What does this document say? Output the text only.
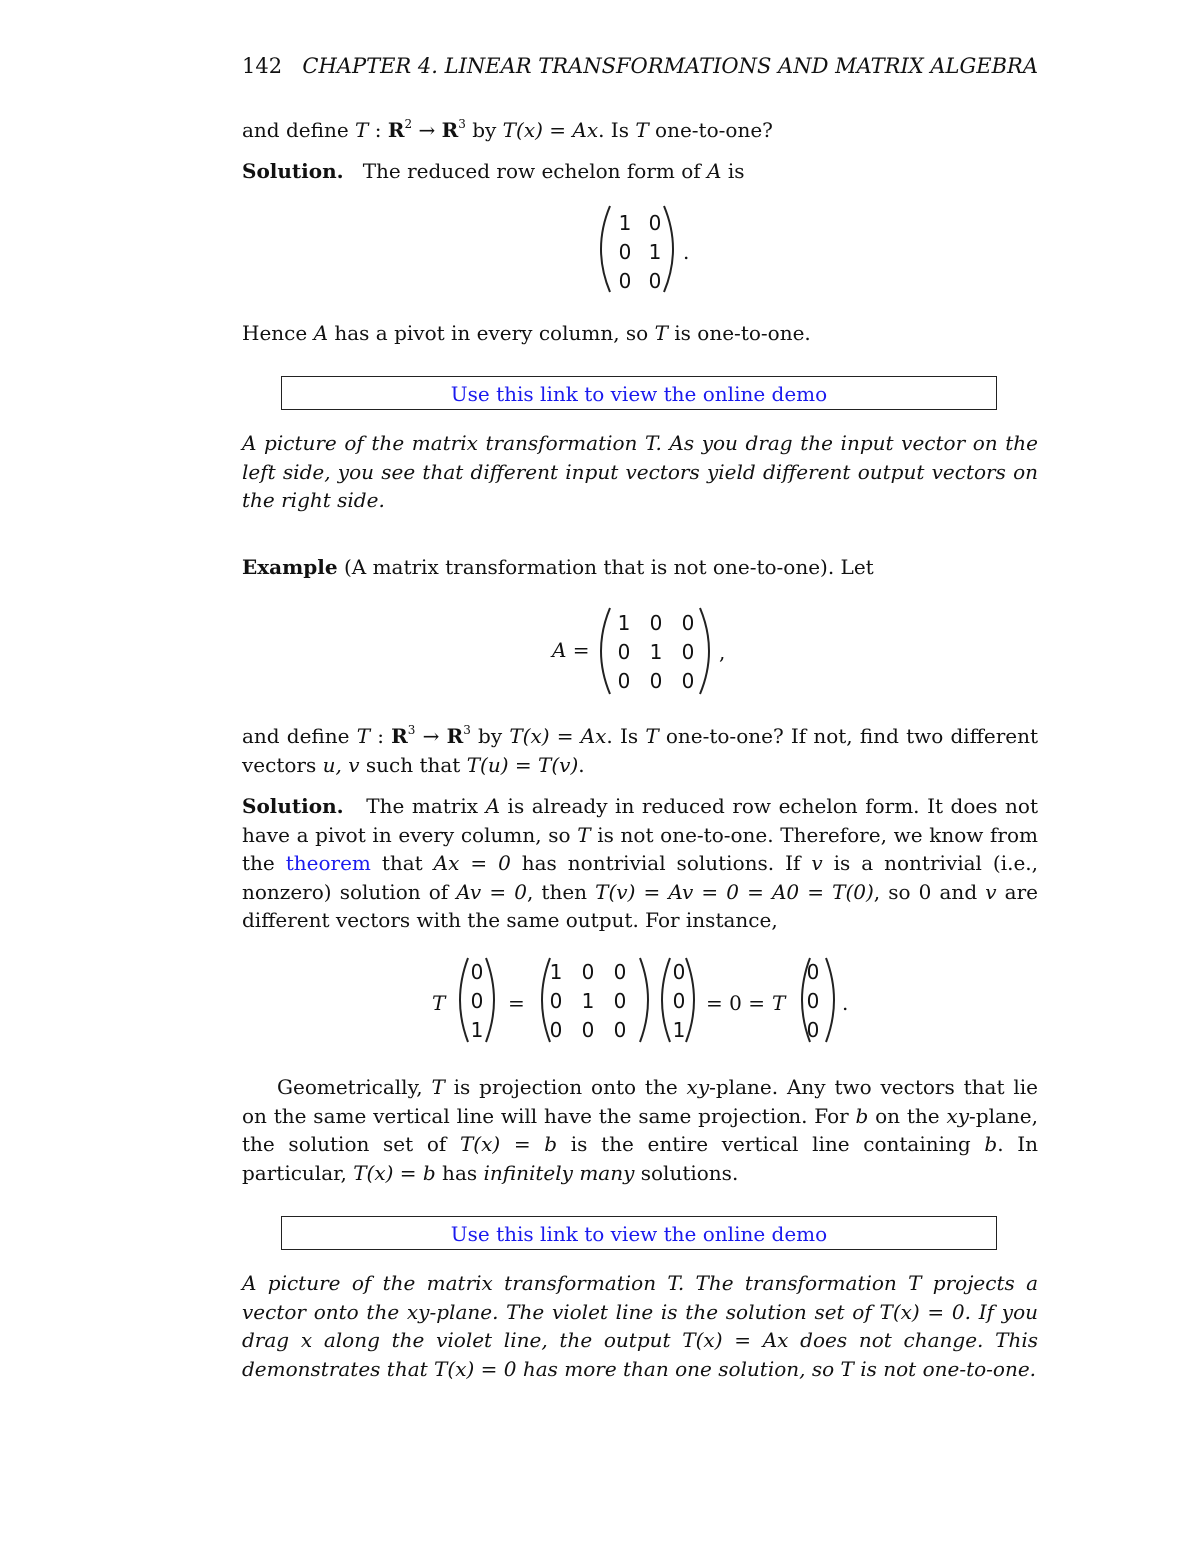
142 CHAPTER 4. LINEAR TRANSFORMATIONS AND MATRIX ALGEBRA

and define T : $R^2 \to R^3$ by T(x) = Ax. Is T one-to-one?

Solution. The reduced row echelon form of A is

1 0
0 1
0 0
.

Hence A has a pivot in every column, so T is one-to-one.

Use this link to view the online demo

A picture of the matrix transformation T. As you drag the input vector on the left side, you see that different input vectors yield different output vectors on the right side.

Example (A matrix transformation that is not one-to-one). Let

A =
1 0 0
0 1 0
0 0 0
,

and define T : $R^3 \to R^3$ by T(x) = Ax. Is T one-to-one? If not, find two different vectors u, v such that T(u) = T(v).

Solution. The matrix A is already in reduced row echelon form. It does not have a pivot in every column, so T is not one-to-one. Therefore, we know from the theorem that Ax = 0 has nontrivial solutions. If v is a nontrivial (i.e., nonzero) solution of Av = 0, then T(v) = Av = 0 = A0 = T(0), so 0 and v are different vectors with the same output. For instance,

T
0
0
1
=
1 0 0
0 1 0
0 0 0
0
0
1
= 0 = T
0
0
0
.

Geometrically, T is projection onto the xy-plane. Any two vectors that lie on the same vertical line will have the same projection. For b on the xy-plane, the solution set of T(x) = b is the entire vertical line containing b. In particular, T(x) = b has infinitely many solutions.

Use this link to view the online demo

A picture of the matrix transformation T. The transformation T projects a vector onto the xy-plane. The violet line is the solution set of T(x) = 0. If you drag x along the violet line, the output T(x) = Ax does not change. This demonstrates that T(x) = 0 has more than one solution, so T is not one-to-one.
